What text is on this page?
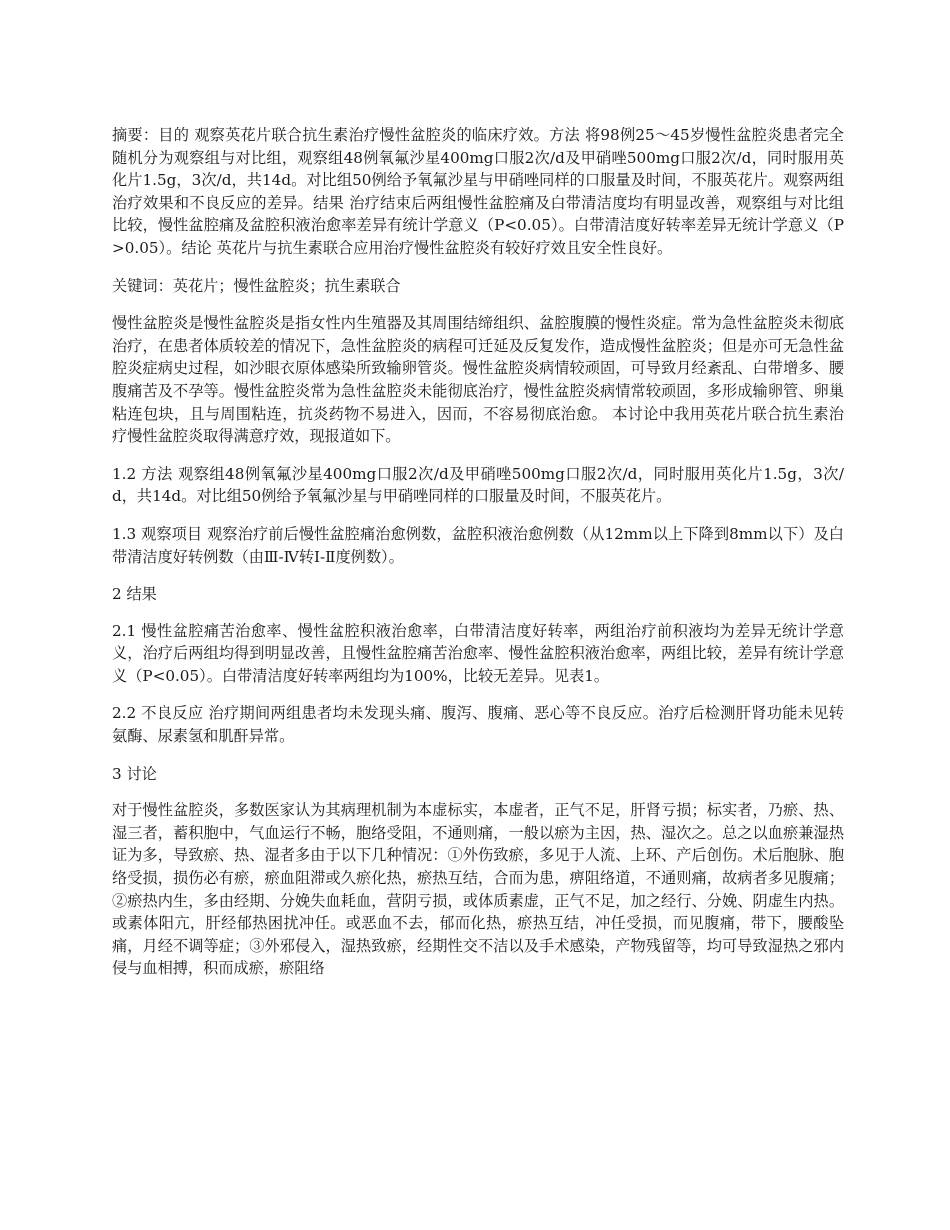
摘要：目的 观察英花片联合抗生素治疗慢性盆腔炎的临床疗效。方法 将98例25～45岁慢性盆腔炎患者完全随机分为观察组与对比组，观察组48例氧氟沙星400mg口服2次/d及甲硝唑500mg口服2次/d，同时服用英化片1.5g，3次/d，共14d。对比组50例给予氧氟沙星与甲硝唑同样的口服量及时间，不服英花片。观察两组治疗效果和不良反应的差异。结果 治疗结束后两组慢性盆腔痛及白带清洁度均有明显改善，观察组与对比组比较，慢性盆腔痛及盆腔积液治愈率差异有统计学意义（P<0.05）。白带清洁度好转率差异无统计学意义（P>0.05）。结论 英花片与抗生素联合应用治疗慢性盆腔炎有较好疗效且安全性良好。

关键词：英花片；慢性盆腔炎；抗生素联合

慢性盆腔炎是慢性盆腔炎是指女性内生殖器及其周围结缔组织、盆腔腹膜的慢性炎症。常为急性盆腔炎未彻底治疗，在患者体质较差的情况下，急性盆腔炎的病程可迁延及反复发作，造成慢性盆腔炎；但是亦可无急性盆腔炎症病史过程，如沙眼衣原体感染所致输卵管炎。慢性盆腔炎病情较顽固，可导致月经紊乱、白带增多、腰腹痛苦及不孕等。慢性盆腔炎常为急性盆腔炎未能彻底治疗，慢性盆腔炎病情常较顽固，多形成输卵管、卵巢粘连包块，且与周围粘连，抗炎药物不易进入，因而，不容易彻底治愈。 本讨论中我用英花片联合抗生素治疗慢性盆腔炎取得满意疗效，现报道如下。

1.2 方法 观察组48例氧氟沙星400mg口服2次/d及甲硝唑500mg口服2次/d，同时服用英化片1.5g，3次/d，共14d。对比组50例给予氧氟沙星与甲硝唑同样的口服量及时间，不服英花片。

1.3 观察项目 观察治疗前后慢性盆腔痛治愈例数，盆腔积液治愈例数（从12mm以上下降到8mm以下）及白带清洁度好转例数（由Ⅲ-Ⅳ转Ⅰ-Ⅱ度例数）。

2 结果

2.1 慢性盆腔痛苦治愈率、慢性盆腔积液治愈率，白带清洁度好转率，两组治疗前积液均为差异无统计学意义，治疗后两组均得到明显改善，且慢性盆腔痛苦治愈率、慢性盆腔积液治愈率，两组比较，差异有统计学意义（P<0.05）。白带清洁度好转率两组均为100%，比较无差异。见表1。

2.2 不良反应 治疗期间两组患者均未发现头痛、腹泻、腹痛、恶心等不良反应。治疗后检测肝肾功能未见转氨酶、尿素氢和肌酐异常。

3 讨论

对于慢性盆腔炎，多数医家认为其病理机制为本虚标实，本虚者，正气不足，肝肾亏损；标实者，乃瘀、热、湿三者，蓄积胞中，气血运行不畅，胞络受阻，不通则痛，一般以瘀为主因，热、湿次之。总之以血瘀兼湿热证为多，导致瘀、热、湿者多由于以下几种情况：①外伤致瘀，多见于人流、上环、产后创伤。术后胞脉、胞络受损，损伤必有瘀，瘀血阻滞或久瘀化热，瘀热互结，合而为患，痹阻络道，不通则痛，故病者多见腹痛；②瘀热内生，多由经期、分娩失血耗血，营阴亏损，或体质素虚，正气不足，加之经行、分娩、阴虚生内热。或素体阳亢，肝经郁热困扰冲任。或恶血不去，郁而化热，瘀热互结，冲任受损，而见腹痛，带下，腰酸坠痛，月经不调等症；③外邪侵入，湿热致瘀，经期性交不洁以及手术感染，产物残留等，均可导致湿热之邪内侵与血相搏，积而成瘀，瘀阻络
